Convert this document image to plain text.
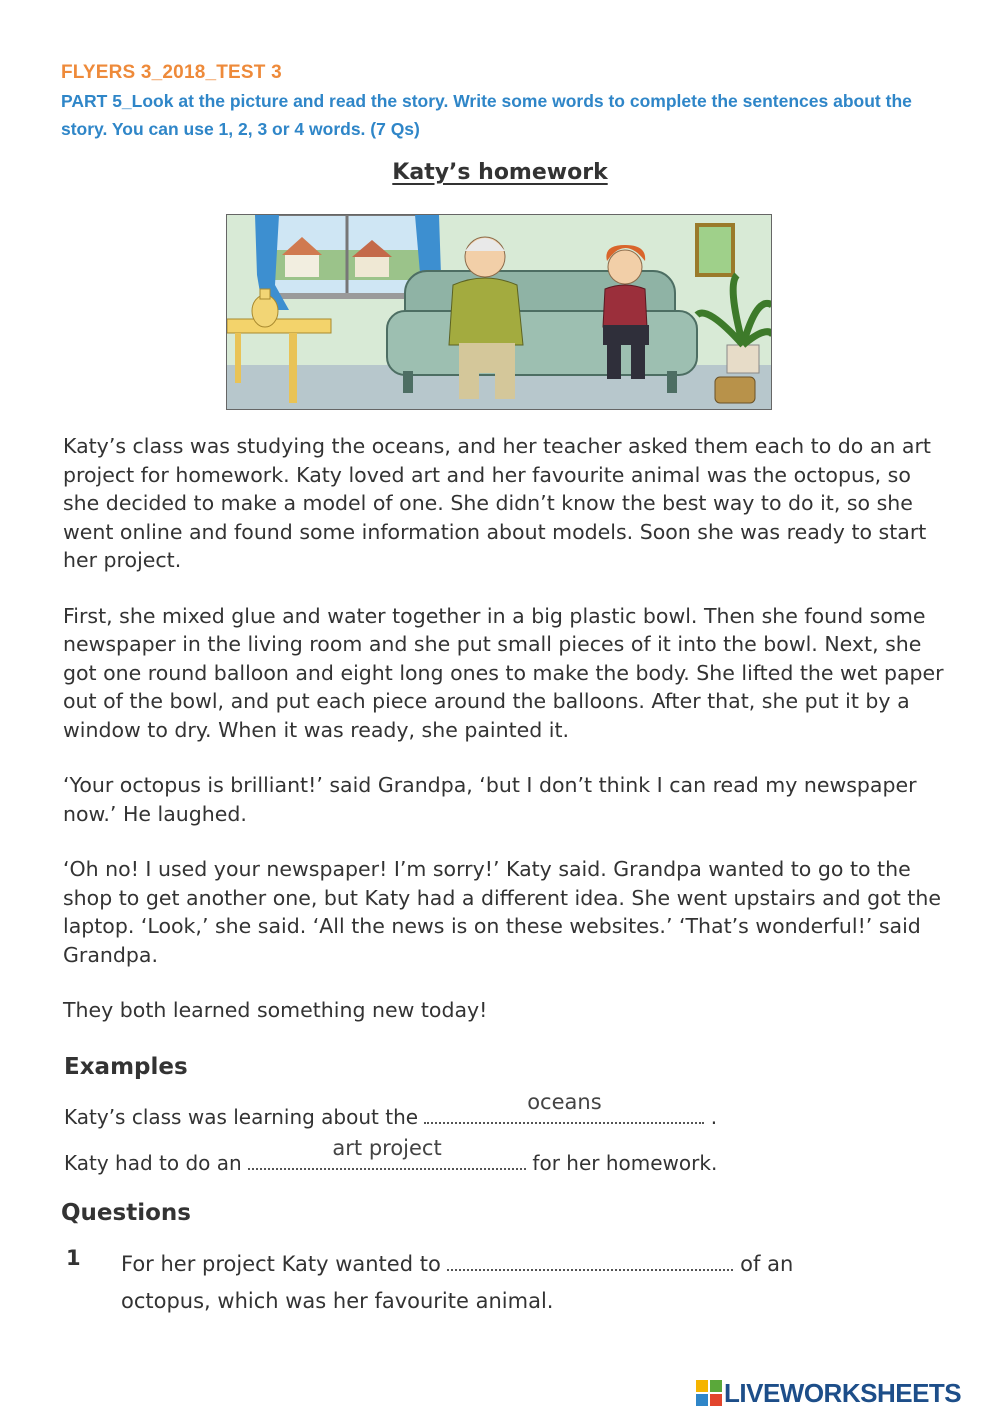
FLYERS 3_2018_TEST 3
PART 5_Look at the picture and read the story. Write some words to complete the sentences about the story. You can use 1, 2, 3 or 4 words. (7 Qs)
Katy’s homework

Katy’s class was studying the oceans, and her teacher asked them each to do an art project for homework. Katy loved art and her favourite animal was the octopus, so she decided to make a model of one. She didn’t know the best way to do it, so she went online and found some information about models. Soon she was ready to start her project.

First, she mixed glue and water together in a big plastic bowl. Then she found some newspaper in the living room and she put small pieces of it into the bowl. Next, she got one round balloon and eight long ones to make the body. She lifted the wet paper out of the bowl, and put each piece around the balloons. After that, she put it by a window to dry. When it was ready, she painted it.

‘Your octopus is brilliant!’ said Grandpa, ‘but I don’t think I can read my newspaper now.’ He laughed.

‘Oh no! I used your newspaper! I’m sorry!’ Katy said. Grandpa wanted to go to the shop to get another one, but Katy had a different idea. She went upstairs and got the laptop. ‘Look,’ she said. ‘All the news is on these websites.’ ‘That’s wonderful!’ said Grandpa.

They both learned something new today!

Examples
Katy’s class was learning about the
oceans
.
Katy had to do an
art project
for her homework.
Questions
1 For her project Katy wanted to	of an octopus, which was her favourite animal.
LIVEWORKSHEETS
